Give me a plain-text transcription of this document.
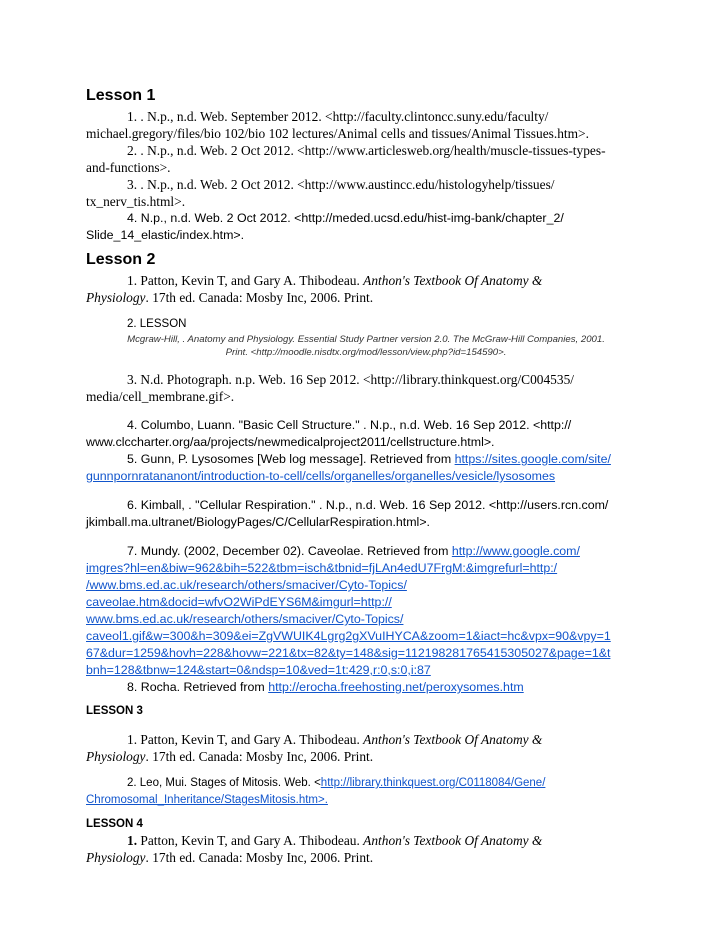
Lesson 1
1. . N.p., n.d. Web. September 2012. <http://faculty.clintoncc.suny.edu/faculty/
michael.gregory/files/bio 102/bio 102 lectures/Animal cells and tissues/Animal Tissues.htm>.
2. . N.p., n.d. Web. 2 Oct 2012. <http://www.articlesweb.org/health/muscle-tissues-types-
and-functions>.
3. . N.p., n.d. Web. 2 Oct 2012. <http://www.austincc.edu/histologyhelp/tissues/
tx_nerv_tis.html>.
4. N.p., n.d. Web. 2 Oct 2012. <http://meded.ucsd.edu/hist-img-bank/chapter_2/
Slide_14_elastic/index.htm>.
Lesson 2
1. Patton, Kevin T, and Gary A. Thibodeau. Anthon's Textbook Of Anatomy &
Physiology. 17th ed. Canada: Mosby Inc, 2006. Print.
2. LESSON
Mcgraw-Hill, . Anatomy and Physiology. Essential Study Partner version 2.0. The McGraw-Hill Companies, 2001.
Print. <http://moodle.nisdtx.org/mod/lesson/view.php?id=154590>.
3. N.d. Photograph. n.p. Web. 16 Sep 2012. <http://library.thinkquest.org/C004535/
media/cell_membrane.gif>.
4. Columbo, Luann. "Basic Cell Structure." . N.p., n.d. Web. 16 Sep 2012. <http://
www.clccharter.org/aa/projects/newmedicalproject2011/cellstructure.html>.
5. Gunn, P. Lysosomes [Web log message]. Retrieved from https://sites.google.com/site/
gunnpornratananont/introduction-to-cell/cells/organelles/organelles/vesicle/lysosomes
6. Kimball, . "Cellular Respiration." . N.p., n.d. Web. 16 Sep 2012. <http://users.rcn.com/
jkimball.ma.ultranet/BiologyPages/C/CellularRespiration.html>.
7. Mundy. (2002, December 02). Caveolae. Retrieved from http://www.google.com/
imgres?hl=en&biw=962&bih=522&tbm=isch&tbnid=fjLAn4edU7FrgM:&imgrefurl=http:/
/www.bms.ed.ac.uk/research/others/smaciver/Cyto-Topics/
caveolae.htm&docid=wfvO2WiPdEYS6M&imgurl=http://
www.bms.ed.ac.uk/research/others/smaciver/Cyto-Topics/
caveol1.gif&w=300&h=309&ei=ZgVWUIK4Lgrg2gXVuIHYCA&zoom=1&iact=hc&vpx=90&vpy=1
67&dur=1259&hovh=228&hovw=221&tx=82&ty=148&sig=112198281765415305027&page=1&t
bnh=128&tbnw=124&start=0&ndsp=10&ved=1t:429,r:0,s:0,i:87
8. Rocha. Retrieved from http://erocha.freehosting.net/peroxysomes.htm
LESSON 3
1. Patton, Kevin T, and Gary A. Thibodeau. Anthon's Textbook Of Anatomy &
Physiology. 17th ed. Canada: Mosby Inc, 2006. Print.
2. Leo, Mui. Stages of Mitosis. Web. <http://library.thinkquest.org/C0118084/Gene/
Chromosomal_Inheritance/StagesMitosis.htm>.
LESSON 4
1. Patton, Kevin T, and Gary A. Thibodeau. Anthon's Textbook Of Anatomy &
Physiology. 17th ed. Canada: Mosby Inc, 2006. Print.
